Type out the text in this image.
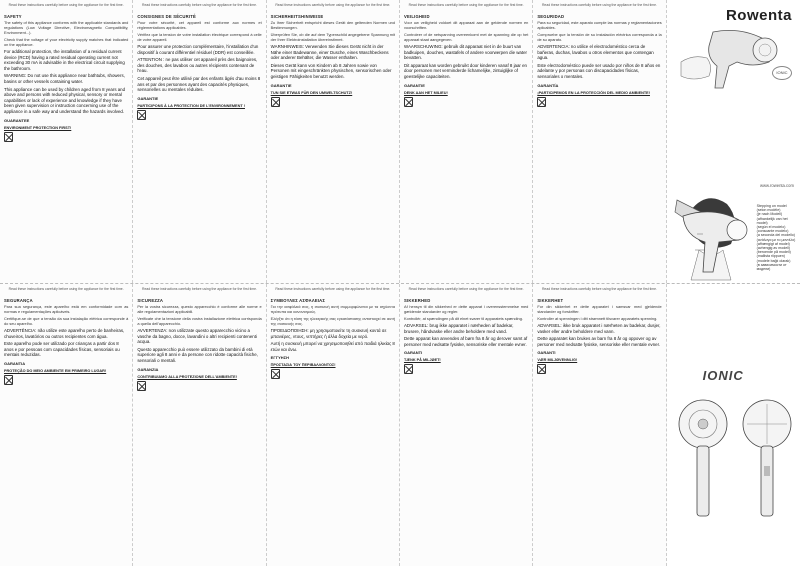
Read these instructions carefully before using the appliance for the first time.
SAFETY

The safety of this appliance conforms with the applicable standards and regulations (Low Voltage Directive, Electromagnetic Compatibility, Environment...).

Check that the voltage of your electricity supply matches that indicated on the appliance.

For additional protection, the installation of a residual current device (RCD) having a rated residual operating current not exceeding 30 mA is advisable in the electrical circuit supplying the bathroom.

WARNING: Do not use this appliance near bathtubs, showers, basins or other vessels containing water.

This appliance can be used by children aged from 8 years and above and persons with reduced physical, sensory or mental capabilities or lack of experience and knowledge if they have been given supervision or instruction concerning use of the appliance in a safe way and understand the hazards involved.

GUARANTEE
ENVIRONMENT PROTECTION FIRST!
Read these instructions carefully before using the appliance for the first time.
CONSIGNES DE SÉCURITÉ

Pour votre sécurité, cet appareil est conforme aux normes et réglementations applicables.

Vérifiez que la tension de votre installation électrique correspond à celle de votre appareil.

Pour assurer une protection complémentaire, l'installation d'un dispositif à courant différentiel résiduel (DDR) est conseillée.

ATTENTION : ne pas utiliser cet appareil près des baignoires, des douches, des lavabos ou autres récipients contenant de l'eau.

Cet appareil peut être utilisé par des enfants âgés d'au moins 8 ans et par des personnes ayant des capacités physiques, sensorielles ou mentales réduites.

GARANTIE
PARTICIPONS À LA PROTECTION DE L'ENVIRONNEMENT !
Read these instructions carefully before using the appliance for the first time.
SICHERHEITSHINWEISE

Zu Ihrer Sicherheit entspricht dieses Gerät den geltenden Normen und Bestimmungen.

Überprüfen Sie, ob die auf dem Typenschild angegebene Spannung mit der Ihrer Elektroinstallation übereinstimmt.

WARNHINWEIS: Verwenden Sie dieses Gerät nicht in der Nähe einer Badewanne, einer Dusche, eines Waschbeckens oder anderer Behälter, die Wasser enthalten.

Dieses Gerät kann von Kindern ab 8 Jahren sowie von Personen mit eingeschränkten physischen, sensorischen oder geistigen Fähigkeiten benutzt werden.

GARANTIE
TUN SIE ETWAS FÜR DEN UMWELTSCHUTZ!
Read these instructions carefully before using the appliance for the first time.
VEILIGHEID

Voor uw veiligheid voldoet dit apparaat aan de geldende normen en voorschriften.

Controleer of de netspanning overeenkomt met de spanning die op het apparaat staat aangegeven.

WAARSCHUWING: gebruik dit apparaat niet in de buurt van badkuipen, douches, wastafels of andere voorwerpen die water bevatten.

Dit apparaat kan worden gebruikt door kinderen vanaf 8 jaar en door personen met verminderde lichamelijke, zintuiglijke of geestelijke capaciteiten.

GARANTIE
DENK AAN HET MILIEU!
Read these instructions carefully before using the appliance for the first time.
SEGURIDAD

Para su seguridad, este aparato cumple las normas y reglamentaciones aplicables.

Compruebe que la tensión de su instalación eléctrica corresponda a la de su aparato.

ADVERTENCIA: no utilice el electrodoméstico cerca de bañeras, duchas, lavabos u otros elementos que contengan agua.

Este electrodoméstico puede ser usado por niños de 8 años en adelante y por personas con discapacidades físicas, sensoriales o mentales.

GARANTÍA
¡PARTICIPEMOS EN LA PROTECCIÓN DEL MEDIO AMBIENTE!
Rowenta
IONIC
www.rowenta.com
Read these instructions carefully before using the appliance for the first time.
SEGURANÇA

Para sua segurança, este aparelho está em conformidade com as normas e regulamentações aplicáveis.

Certifique-se de que a tensão da sua instalação elétrica corresponde à do seu aparelho.

ADVERTÊNCIA: não utilize este aparelho perto de banheiras, chuveiros, lavatórios ou outros recipientes com água.

Este aparelho pode ser utilizado por crianças a partir dos 8 anos e por pessoas com capacidades físicas, sensoriais ou mentais reduzidas.

GARANTIA
PROTEÇÃO DO MEIO AMBIENTE EM PRIMEIRO LUGAR!
Read these instructions carefully before using the appliance for the first time.
SICUREZZA

Per la vostra sicurezza, questo apparecchio è conforme alle norme e alle regolamentazioni applicabili.

Verificate che la tensione della vostra installazione elettrica corrisponda a quella dell'apparecchio.

AVVERTENZA: non utilizzate questo apparecchio vicino a vasche da bagno, docce, lavandini o altri recipienti contenenti acqua.

Questo apparecchio può essere utilizzato da bambini di età superiore agli 8 anni e da persone con ridotte capacità fisiche, sensoriali o mentali.

GARANZIA
CONTRIBUIAMO ALLA PROTEZIONE DELL'AMBIENTE!
Read these instructions carefully before using the appliance for the first time.
ΣΥΜΒΟΥΛΕΣ ΑΣΦΑΛΕΙΑΣ

Για την ασφάλειά σας, η συσκευή αυτή συμμορφώνεται με τα ισχύοντα πρότυπα και κανονισμούς.

Ελέγξτε ότι η τάση της ηλεκτρικής σας εγκατάστασης αντιστοιχεί σε αυτή της συσκευής σας.

ΠΡΟΕΙΔΟΠΟΙΗΣΗ: μη χρησιμοποιείτε τη συσκευή κοντά σε μπανιέρες, ντους, νιπτήρες ή άλλα δοχεία με νερό.

Αυτή η συσκευή μπορεί να χρησιμοποιηθεί από παιδιά ηλικίας 8 ετών και άνω.

ΕΓΓΥΗΣΗ
ΠΡΟΣΤΑΣΙΑ ΤΟΥ ΠΕΡΙΒΑΛΛΟΝΤΟΣ!
Read these instructions carefully before using the appliance for the first time.
SIKKERHED

Af hensyn til din sikkerhed er dette apparat i overensstemmelse med gældende standarder og regler.

Kontrollér, at spændingen på dit elnet svarer til apparatets spænding.

ADVARSEL: brug ikke apparatet i nærheden af badekar, brusere, håndvaske eller andre beholdere med vand.

Dette apparat kan anvendes af børn fra 8 år og derover samt af personer med nedsatte fysiske, sensoriske eller mentale evner.

GARANTI
TÆNK PÅ MILJØET!
Read these instructions carefully before using the appliance for the first time.
SIKKERHET

For din sikkerhet er dette apparatet i samsvar med gjeldende standarder og forskrifter.

Kontroller at spenningen i ditt strømnett tilsvarer apparatets spenning.

ADVARSEL: ikke bruk apparatet i nærheten av badekar, dusjer, vasker eller andre beholdere med vann.

Dette apparatet kan brukes av barn fra 8 år og oppover og av personer med nedsatte fysiske, sensoriske eller mentale evner.

GARANTI
VÆR MILJØVENNLIG!
Stepping on model
(selon modèle)
(je nach Modell)
(afhankelijk van het model)
(según el modelo)
(consoante modelo)
(a seconda del modello)
(ανάλογα με το μοντέλο)
(afhængigt af model)
(avhengig av modell)
(beroende på modell)
(mallista riippuen)
(modele bağlı olarak)
(в зависимости от модели)
IONIC
